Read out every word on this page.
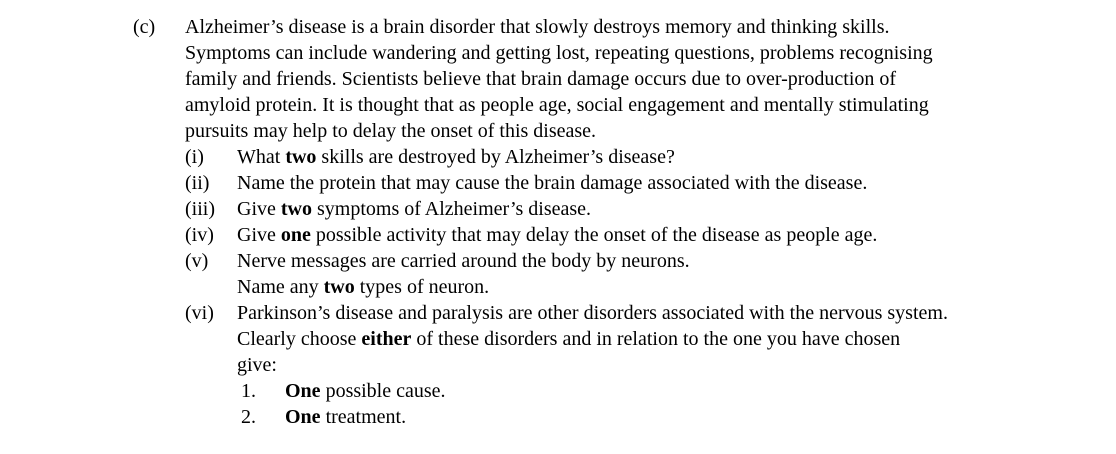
(c)	Alzheimer’s disease is a brain disorder that slowly destroys memory and thinking skills.
Symptoms can include wandering and getting lost, repeating questions, problems recognising
family and friends. Scientists believe that brain damage occurs due to over-production of
amyloid protein. It is thought that as people age, social engagement and mentally stimulating
pursuits may help to delay the onset of this disease.
(i)	What two skills are destroyed by Alzheimer’s disease?
(ii)	Name the protein that may cause the brain damage associated with the disease.
(iii)	Give two symptoms of Alzheimer’s disease.
(iv)	Give one possible activity that may delay the onset of the disease as people age.
(v)	Nerve messages are carried around the body by neurons.
Name any two types of neuron.
(vi)	Parkinson’s disease and paralysis are other disorders associated with the nervous system.
Clearly choose either of these disorders and in relation to the one you have chosen
give:
1.	One possible cause.
2.	One treatment.
